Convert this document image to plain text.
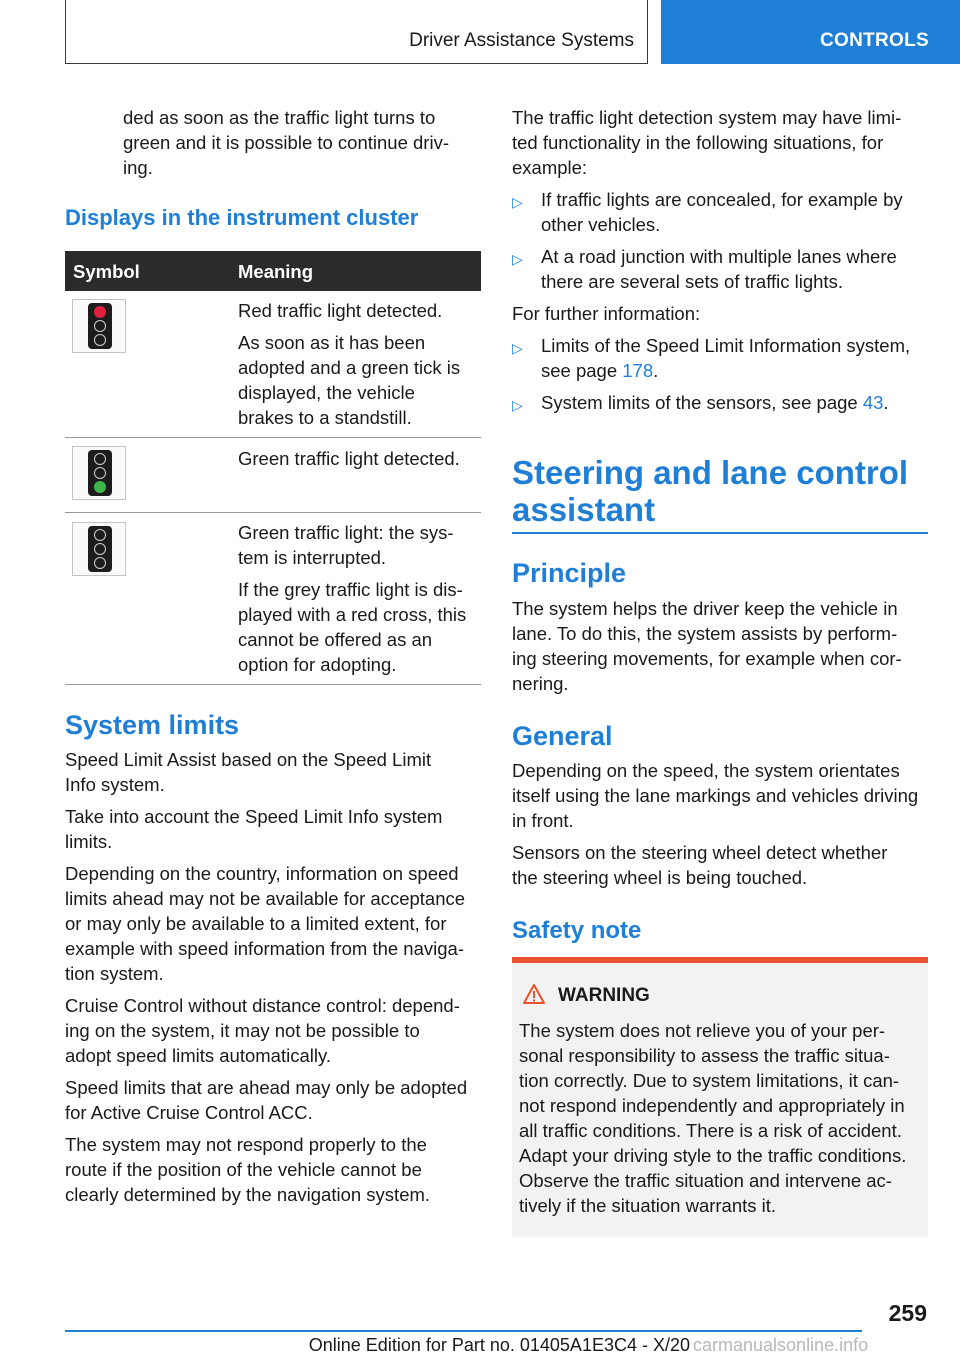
Driver Assistance Systems	CONTROLS
ded as soon as the traffic light turns to
green and it is possible to continue driv-
ing.
Displays in the instrument cluster
Symbol	Meaning
Red traffic light detected.
As soon as it has been
adopted and a green tick is
displayed, the vehicle
brakes to a standstill.
Green traffic light detected.
Green traffic light: the sys-
tem is interrupted.
If the grey traffic light is dis-
played with a red cross, this
cannot be offered as an
option for adopting.
System limits
Speed Limit Assist based on the Speed Limit
Info system.
Take into account the Speed Limit Info system
limits.
Depending on the country, information on speed
limits ahead may not be available for acceptance
or may only be available to a limited extent, for
example with speed information from the naviga-
tion system.
Cruise Control without distance control: depend-
ing on the system, it may not be possible to
adopt speed limits automatically.
Speed limits that are ahead may only be adopted
for Active Cruise Control ACC.
The system may not respond properly to the
route if the position of the vehicle cannot be
clearly determined by the navigation system.
The traffic light detection system may have limi-
ted functionality in the following situations, for
example:
▷ If traffic lights are concealed, for example by
other vehicles.
▷ At a road junction with multiple lanes where
there are several sets of traffic lights.
For further information:
▷ Limits of the Speed Limit Information system,
see page 178.
▷ System limits of the sensors, see page 43.
Steering and lane control
assistant
Principle
The system helps the driver keep the vehicle in
lane. To do this, the system assists by perform-
ing steering movements, for example when cor-
nering.
General
Depending on the speed, the system orientates
itself using the lane markings and vehicles driving
in front.
Sensors on the steering wheel detect whether
the steering wheel is being touched.
Safety note
WARNING
The system does not relieve you of your per-
sonal responsibility to assess the traffic situa-
tion correctly. Due to system limitations, it can-
not respond independently and appropriately in
all traffic conditions. There is a risk of accident.
Adapt your driving style to the traffic conditions.
Observe the traffic situation and intervene ac-
tively if the situation warrants it.
259
Online Edition for Part no. 01405A1E3C4 - X/20 carmanualsonline.info
